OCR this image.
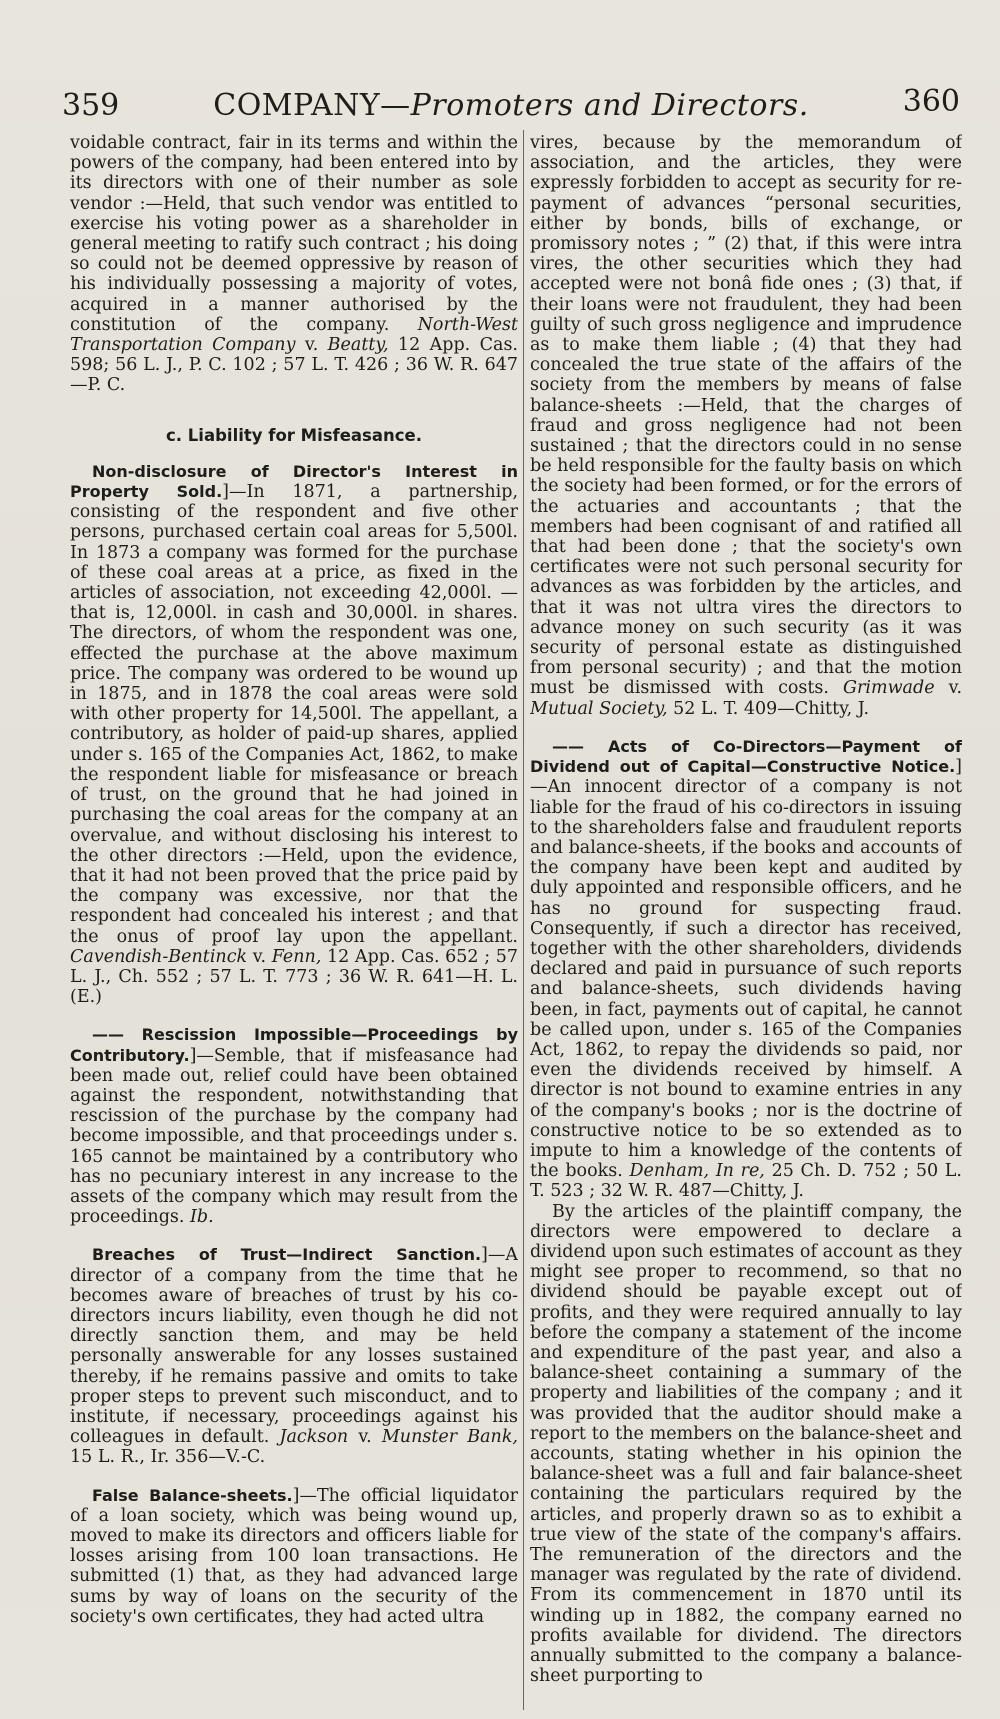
359	COMPANY—Promoters and Directors.	360

voidable contract, fair in its terms and within the powers of the company, had been entered into by its directors with one of their number as sole vendor :—Held, that such vendor was entitled to exercise his voting power as a shareholder in general meeting to ratify such contract ; his doing so could not be deemed oppressive by reason of his individually possessing a majority of votes, acquired in a manner authorised by the constitution of the company. North-West Transportation Company v. Beatty, 12 App. Cas. 598; 56 L. J., P. C. 102 ; 57 L. T. 426 ; 36 W. R. 647—P. C.

c. Liability for Misfeasance.

Non-disclosure of Director's Interest in Property Sold.]—In 1871, a partnership, consisting of the respondent and five other persons, purchased certain coal areas for 5,500l. In 1873 a company was formed for the purchase of these coal areas at a price, as fixed in the articles of association, not exceeding 42,000l. — that is, 12,000l. in cash and 30,000l. in shares. The directors, of whom the respondent was one, effected the purchase at the above maximum price. The company was ordered to be wound up in 1875, and in 1878 the coal areas were sold with other property for 14,500l. The appellant, a contributory, as holder of paid-up shares, applied under s. 165 of the Companies Act, 1862, to make the respondent liable for misfeasance or breach of trust, on the ground that he had joined in purchasing the coal areas for the company at an overvalue, and without disclosing his interest to the other directors :—Held, upon the evidence, that it had not been proved that the price paid by the company was excessive, nor that the respondent had concealed his interest ; and that the onus of proof lay upon the appellant. Cavendish-Bentinck v. Fenn, 12 App. Cas. 652 ; 57 L. J., Ch. 552 ; 57 L. T. 773 ; 36 W. R. 641—H. L. (E.)

—— Rescission Impossible—Proceedings by Contributory.]—Semble, that if misfeasance had been made out, relief could have been obtained against the respondent, notwithstanding that rescission of the purchase by the company had become impossible, and that proceedings under s. 165 cannot be maintained by a contributory who has no pecuniary interest in any increase to the assets of the company which may result from the proceedings. Ib.

Breaches of Trust—Indirect Sanction.]—A director of a company from the time that he becomes aware of breaches of trust by his co-directors incurs liability, even though he did not directly sanction them, and may be held personally answerable for any losses sustained thereby, if he remains passive and omits to take proper steps to prevent such misconduct, and to institute, if necessary, proceedings against his colleagues in default. Jackson v. Munster Bank, 15 L. R., Ir. 356—V.-C.

False Balance-sheets.]—The official liquidator of a loan society, which was being wound up, moved to make its directors and officers liable for losses arising from 100 loan transactions. He submitted (1) that, as they had advanced large sums by way of loans on the security of the society's own certificates, they had acted ultra

vires, because by the memorandum of association, and the articles, they were expressly forbidden to accept as security for re-payment of advances “personal securities, either by bonds, bills of exchange, or promissory notes ; ” (2) that, if this were intra vires, the other securities which they had accepted were not bonâ fide ones ; (3) that, if their loans were not fraudulent, they had been guilty of such gross negligence and imprudence as to make them liable ; (4) that they had concealed the true state of the affairs of the society from the members by means of false balance-sheets :—Held, that the charges of fraud and gross negligence had not been sustained ; that the directors could in no sense be held responsible for the faulty basis on which the society had been formed, or for the errors of the actuaries and accountants ; that the members had been cognisant of and ratified all that had been done ; that the society's own certificates were not such personal security for advances as was forbidden by the articles, and that it was not ultra vires the directors to advance money on such security (as it was security of personal estate as distinguished from personal security) ; and that the motion must be dismissed with costs. Grimwade v. Mutual Society, 52 L. T. 409—Chitty, J.

—— Acts of Co-Directors—Payment of Dividend out of Capital—Constructive Notice.]—An innocent director of a company is not liable for the fraud of his co-directors in issuing to the shareholders false and fraudulent reports and balance-sheets, if the books and accounts of the company have been kept and audited by duly appointed and responsible officers, and he has no ground for suspecting fraud. Consequently, if such a director has received, together with the other shareholders, dividends declared and paid in pursuance of such reports and balance-sheets, such dividends having been, in fact, payments out of capital, he cannot be called upon, under s. 165 of the Companies Act, 1862, to repay the dividends so paid, nor even the dividends received by himself. A director is not bound to examine entries in any of the company's books ; nor is the doctrine of constructive notice to be so extended as to impute to him a knowledge of the contents of the books. Denham, In re, 25 Ch. D. 752 ; 50 L. T. 523 ; 32 W. R. 487—Chitty, J.

By the articles of the plaintiff company, the directors were empowered to declare a dividend upon such estimates of account as they might see proper to recommend, so that no dividend should be payable except out of profits, and they were required annually to lay before the company a statement of the income and expenditure of the past year, and also a balance-sheet containing a summary of the property and liabilities of the company ; and it was provided that the auditor should make a report to the members on the balance-sheet and accounts, stating whether in his opinion the balance-sheet was a full and fair balance-sheet containing the particulars required by the articles, and properly drawn so as to exhibit a true view of the state of the company's affairs. The remuneration of the directors and the manager was regulated by the rate of dividend. From its commencement in 1870 until its winding up in 1882, the company earned no profits available for dividend. The directors annually submitted to the company a balance-sheet purporting to
